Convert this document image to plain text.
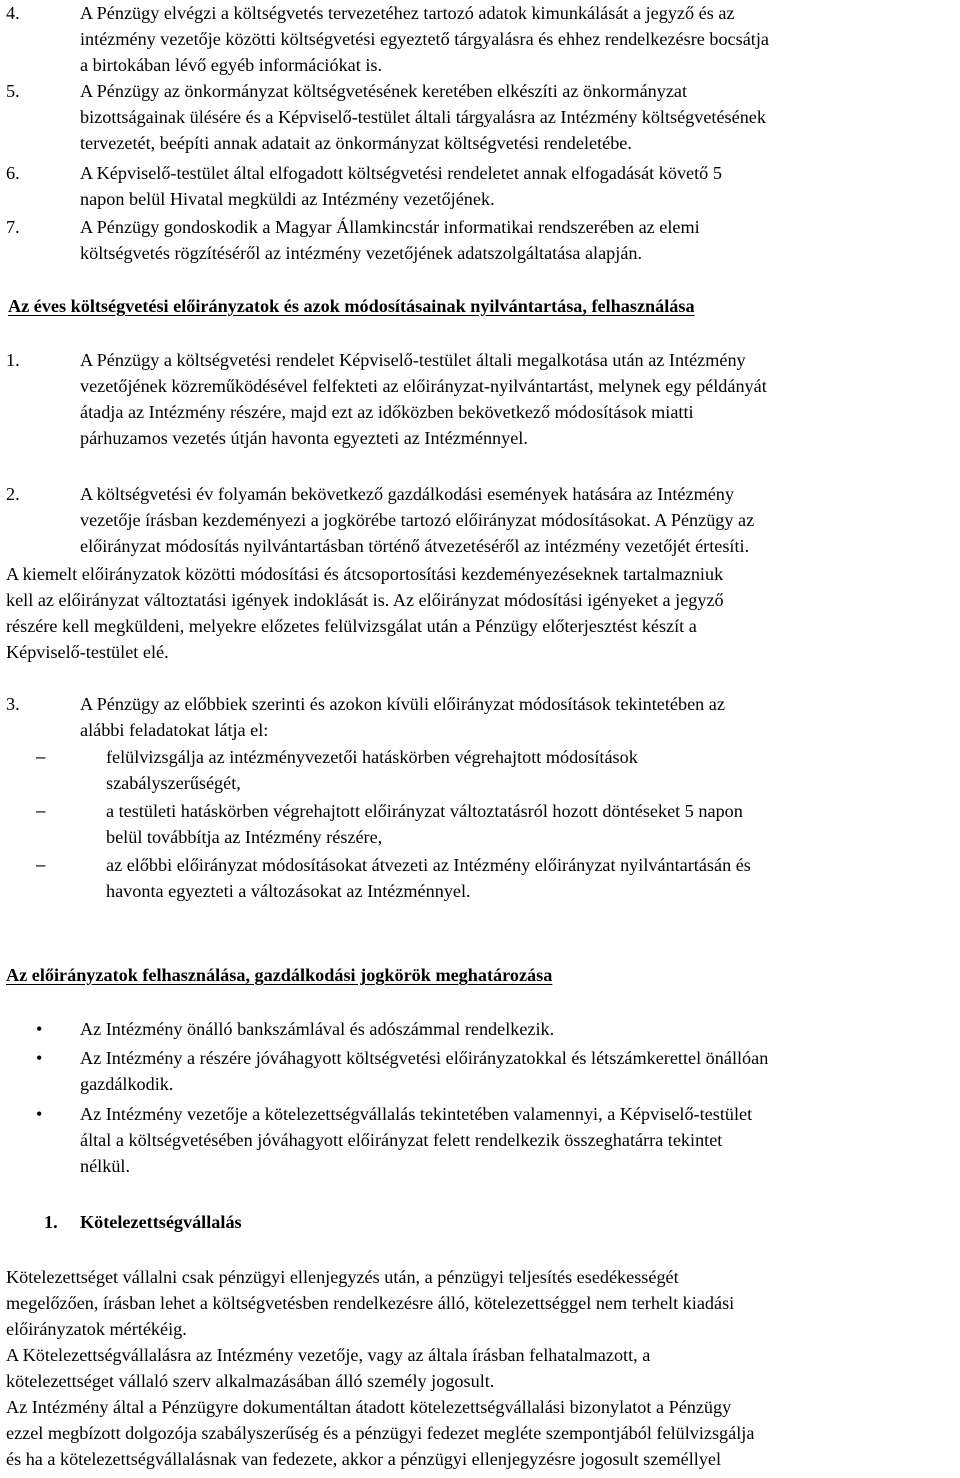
4.	A Pénzügy elvégzi a költségvetés tervezetéhez tartozó adatok kimunkálását a jegyző és az
intézmény vezetője közötti költségvetési egyeztető tárgyalásra és ehhez rendelkezésre bocsátja
a birtokában lévő egyéb információkat is.
5.	A Pénzügy az önkormányzat költségvetésének keretében elkészíti az önkormányzat
bizottságainak ülésére és a Képviselő-testület általi tárgyalásra az Intézmény költségvetésének
tervezetét, beépíti annak adatait az önkormányzat költségvetési rendeletébe.
6.	A Képviselő-testület által elfogadott költségvetési rendeletet annak elfogadását követő 5
napon belül Hivatal megküldi az Intézmény vezetőjének.
7.	A Pénzügy gondoskodik a Magyar Államkincstár informatikai rendszerében az elemi
költségvetés rögzítéséről az intézmény vezetőjének adatszolgáltatása alapján.
Az éves költségvetési előirányzatok és azok módosításainak nyilvántartása, felhasználása
1.	A Pénzügy a költségvetési rendelet Képviselő-testület általi megalkotása után az Intézmény
vezetőjének közreműködésével felfekteti az előirányzat-nyilvántartást, melynek egy példányát
átadja az Intézmény részére, majd ezt az időközben bekövetkező módosítások miatti
párhuzamos vezetés útján havonta egyezteti az Intézménnyel.
2.	A költségvetési év folyamán bekövetkező gazdálkodási események hatására az Intézmény
vezetője írásban kezdeményezi a jogkörébe tartozó előirányzat módosításokat. A Pénzügy az
előirányzat módosítás nyilvántartásban történő átvezetéséről az intézmény vezetőjét értesíti.
A kiemelt előirányzatok közötti módosítási és átcsoportosítási kezdeményezéseknek tartalmazniuk
kell az előirányzat változtatási igények indoklását is. Az előirányzat módosítási igényeket a jegyző
részére kell megküldeni, melyekre előzetes felülvizsgálat után a Pénzügy előterjesztést készít a
Képviselő-testület elé.
3.	A Pénzügy az előbbiek szerinti és azokon kívüli előirányzat módosítások tekintetében az
alábbi feladatokat látja el:
–	felülvizsgálja az intézményvezetői hatáskörben végrehajtott módosítások
szabályszerűségét,
–	a testületi hatáskörben végrehajtott előirányzat változtatásról hozott döntéseket 5 napon
belül továbbítja az Intézmény részére,
–	az előbbi előirányzat módosításokat átvezeti az Intézmény előirányzat nyilvántartásán és
havonta egyezteti a változásokat az Intézménnyel.
Az előirányzatok felhasználása, gazdálkodási jogkörök meghatározása
•	Az Intézmény önálló bankszámlával és adószámmal rendelkezik.
•	Az Intézmény a részére jóváhagyott költségvetési előirányzatokkal és létszámkerettel önállóan
gazdálkodik.
•	Az Intézmény vezetője a kötelezettségvállalás tekintetében valamennyi, a Képviselő-testület
által a költségvetésében jóváhagyott előirányzat felett rendelkezik összeghatárra tekintet
nélkül.
1. Kötelezettségvállalás
Kötelezettséget vállalni csak pénzügyi ellenjegyzés után, a pénzügyi teljesítés esedékességét
megelőzően, írásban lehet a költségvetésben rendelkezésre álló, kötelezettséggel nem terhelt kiadási
előirányzatok mértékéig.
A Kötelezettségvállalásra az Intézmény vezetője, vagy az általa írásban felhatalmazott, a
kötelezettséget vállaló szerv alkalmazásában álló személy jogosult.
Az Intézmény által a Pénzügyre dokumentáltan átadott kötelezettségvállalási bizonylatot a Pénzügy
ezzel megbízott dolgozója szabályszerűség és a pénzügyi fedezet megléte szempontjából felülvizsgálja
és ha a kötelezettségvállalásnak van fedezete, akkor a pénzügyi ellenjegyzésre jogosult személlyel
